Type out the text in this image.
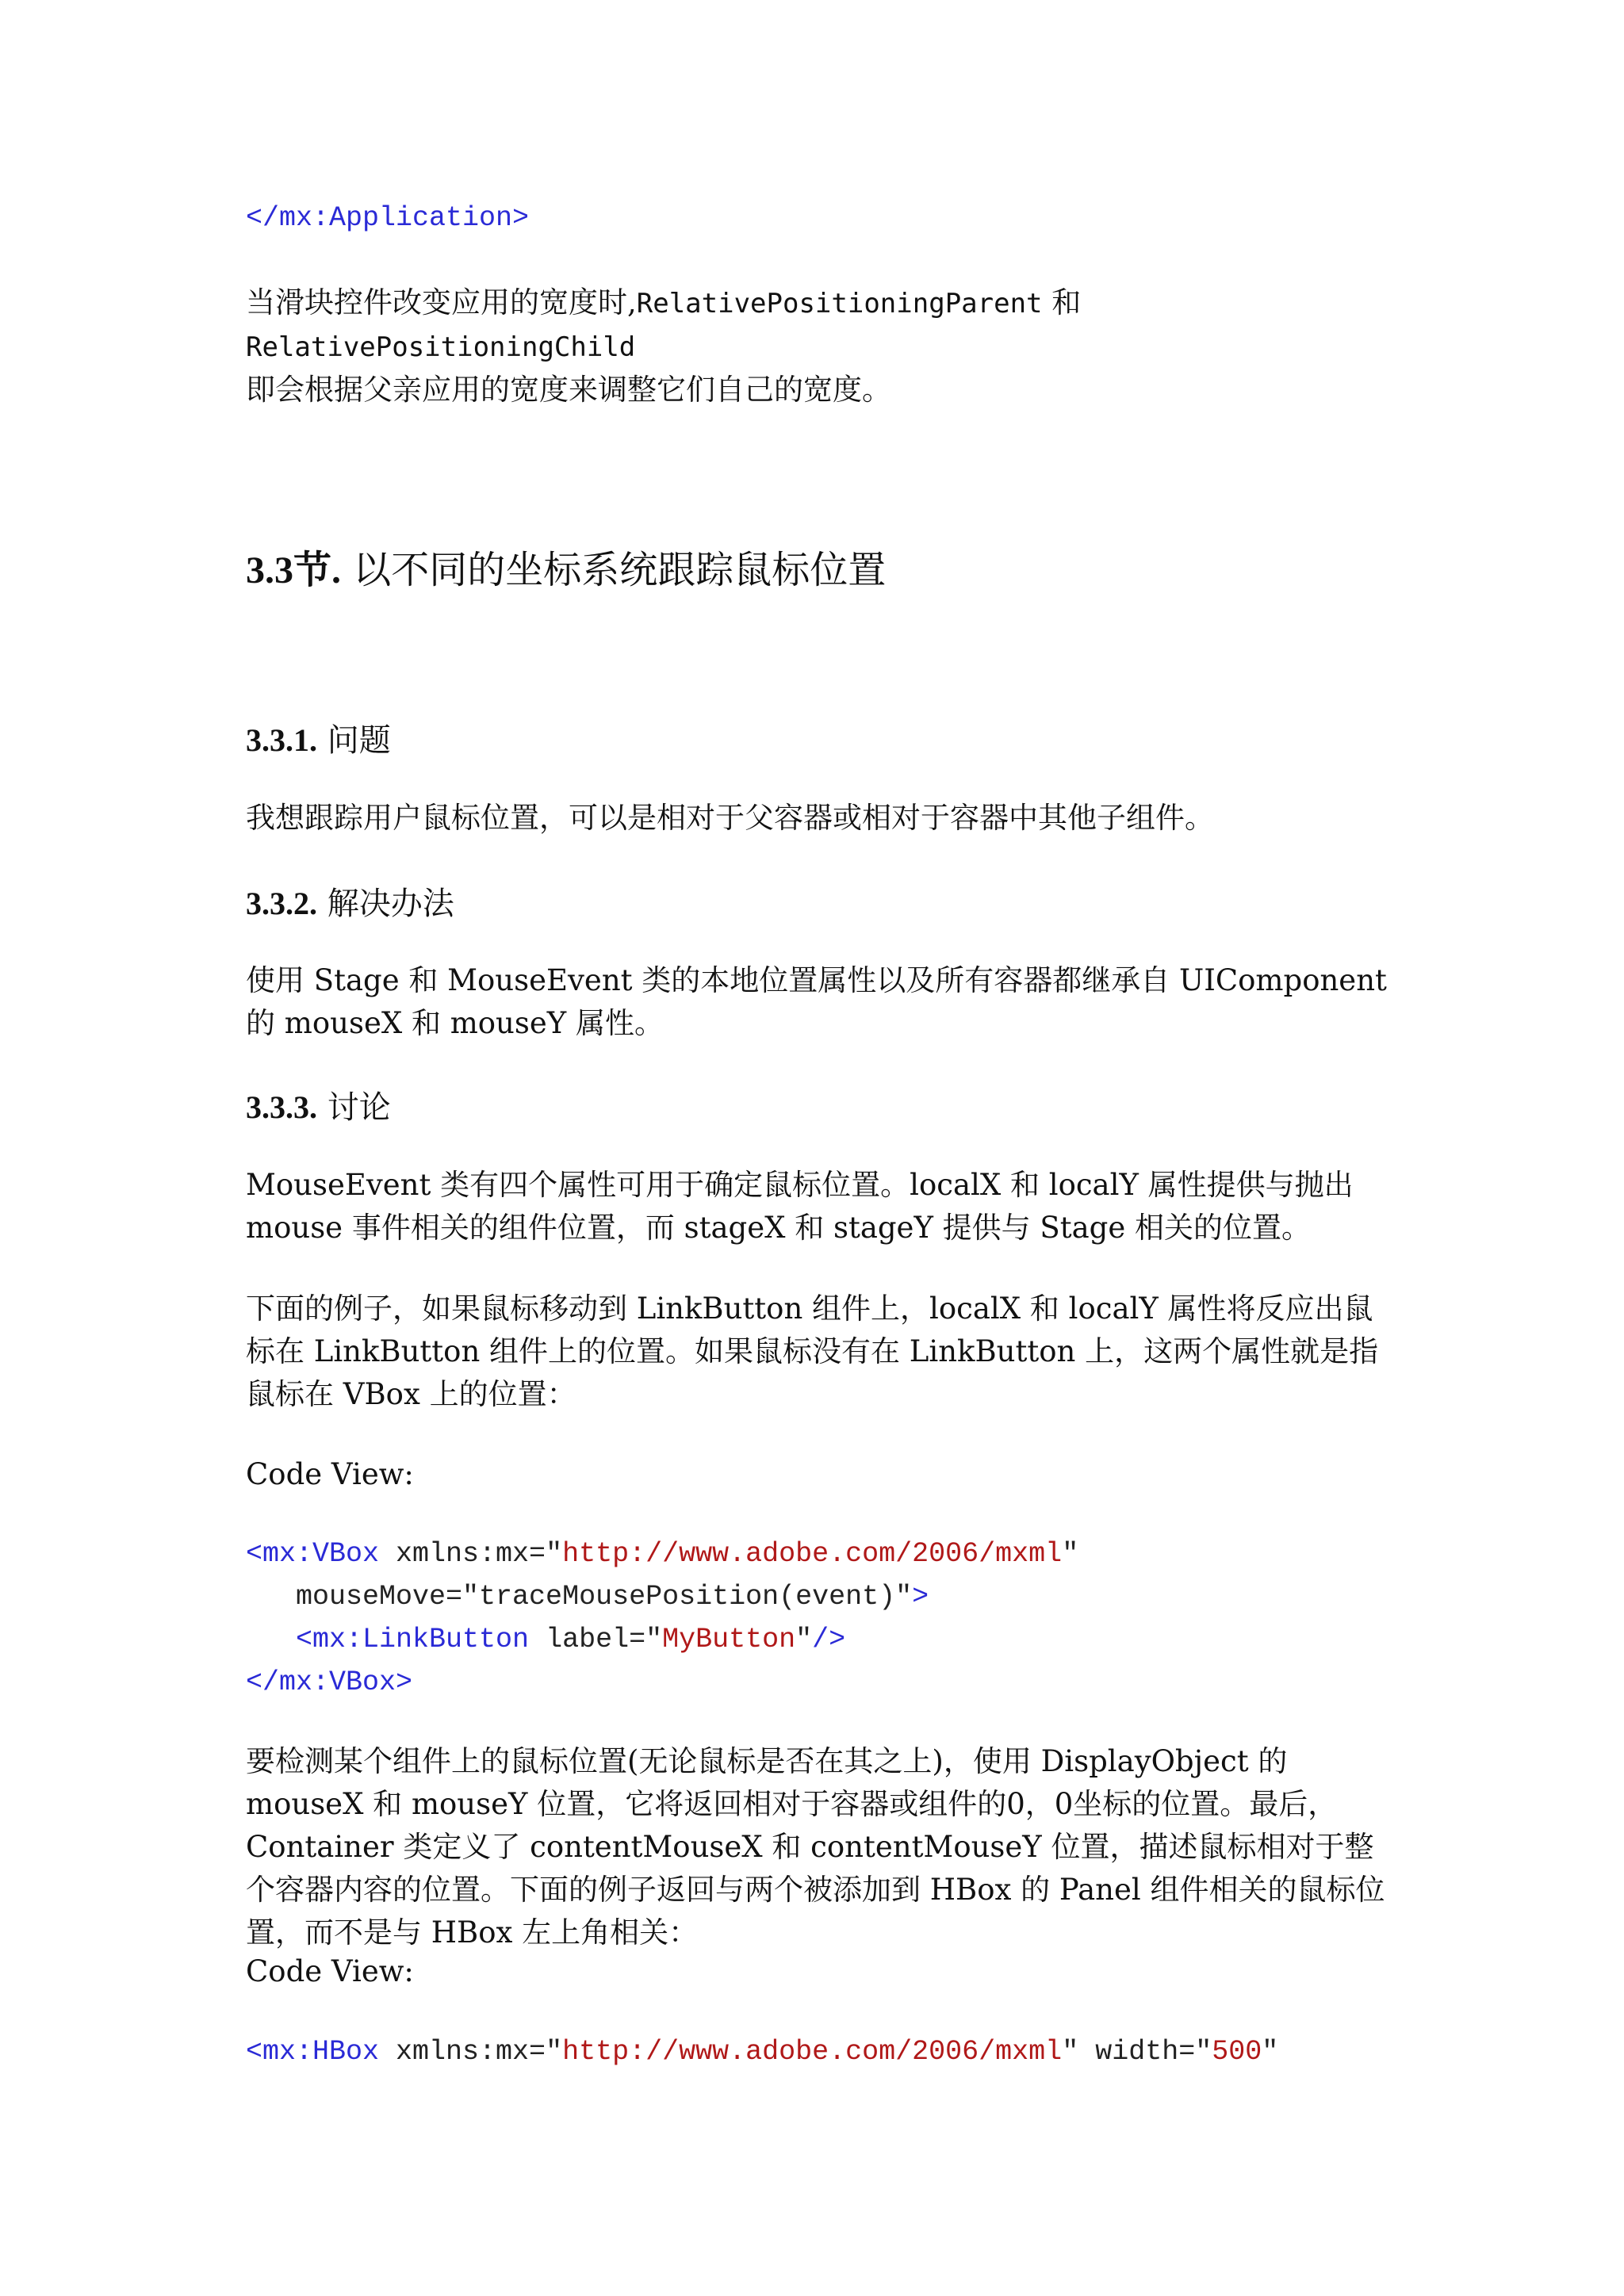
</mx:Application>
当滑块控件改变应用的宽度时,RelativePositioningParent 和 RelativePositioningChild
即会根据父亲应用的宽度来调整它们自己的宽度。
3.3节. 以不同的坐标系统跟踪鼠标位置
3.3.1. 问题
我想跟踪用户鼠标位置，可以是相对于父容器或相对于容器中其他子组件。
3.3.2. 解决办法
使用 Stage 和 MouseEvent 类的本地位置属性以及所有容器都继承自 UIComponent 的 mouseX 和 mouseY 属性。
3.3.3. 讨论
MouseEvent 类有四个属性可用于确定鼠标位置。localX 和 localY 属性提供与抛出 mouse 事件相关的组件位置，而 stageX 和 stageY 提供与 Stage 相关的位置。
下面的例子，如果鼠标移动到 LinkButton 组件上，localX 和 localY 属性将反应出鼠标在 LinkButton 组件上的位置。如果鼠标没有在 LinkButton 上，这两个属性就是指鼠标在 VBox 上的位置：
Code View:
<mx:VBox xmlns:mx="http://www.adobe.com/2006/mxml"
mouseMove="traceMousePosition(event)">
<mx:LinkButton label="MyButton"/>
</mx:VBox>
要检测某个组件上的鼠标位置(无论鼠标是否在其之上)，使用 DisplayObject 的 mouseX 和 mouseY 位置，它将返回相对于容器或组件的0，0坐标的位置。最后，Container 类定义了 contentMouseX 和 contentMouseY 位置，描述鼠标相对于整个容器内容的位置。下面的例子返回与两个被添加到 HBox 的 Panel 组件相关的鼠标位置，而不是与 HBox 左上角相关：
Code View:
<mx:HBox xmlns:mx="http://www.adobe.com/2006/mxml" width="500"
